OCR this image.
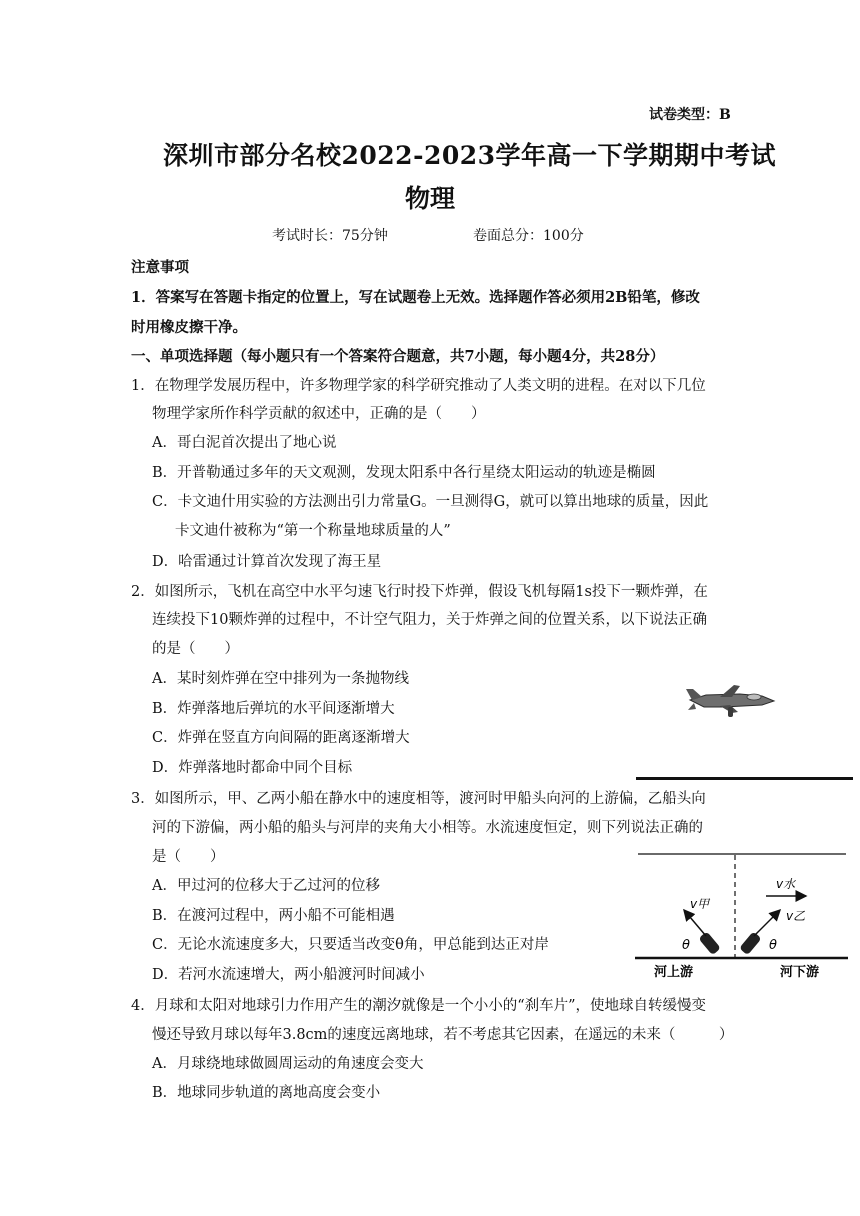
试卷类型：B
深圳市部分名校2022-2023学年高一下学期期中考试
物理
考试时长：75分钟	卷面总分：100分
注意事项
1．答案写在答题卡指定的位置上，写在试题卷上无效。选择题作答必须用2B铅笔，修改
时用橡皮擦干净。
一、单项选择题（每小题只有一个答案符合题意，共7小题，每小题4分，共28分）
1．在物理学发展历程中，许多物理学家的科学研究推动了人类文明的进程。在对以下几位
物理学家所作科学贡献的叙述中，正确的是（　　）
A．哥白泥首次提出了地心说
B．开普勒通过多年的天文观测，发现太阳系中各行星绕太阳运动的轨迹是椭圆
C．卡文迪什用实验的方法测出引力常量G。一旦测得G，就可以算出地球的质量，因此
卡文迪什被称为“第一个称量地球质量的人”
D．哈雷通过计算首次发现了海王星
2．如图所示，飞机在高空中水平匀速飞行时投下炸弹，假设飞机每隔1s投下一颗炸弹，在
连续投下10颗炸弹的过程中，不计空气阻力，关于炸弹之间的位置关系，以下说法正确
的是（　　）
A．某时刻炸弹在空中排列为一条抛物线
B．炸弹落地后弹坑的水平间逐渐增大
C．炸弹在竖直方向间隔的距离逐渐增大
D．炸弹落地时都命中同个目标
3．如图所示，甲、乙两小船在静水中的速度相等，渡河时甲船头向河的上游偏，乙船头向
河的下游偏，两小船的船头与河岸的夹角大小相等。水流速度恒定，则下列说法正确的
是（　　）
A．甲过河的位移大于乙过河的位移
B．在渡河过程中，两小船不可能相遇
C．无论水流速度多大，只要适当改变θ角，甲总能到达正对岸
D．若河水流速增大，两小船渡河时间减小
v水
v甲
θ
v乙
θ
河上游	河下游
4．月球和太阳对地球引力作用产生的潮汐就像是一个小小的“刹车片”，使地球自转缓慢变
慢还导致月球以每年3.8cm的速度远离地球，若不考虑其它因素，在遥远的未来（　　　）
A．月球绕地球做圆周运动的角速度会变大
B．地球同步轨道的离地高度会变小
